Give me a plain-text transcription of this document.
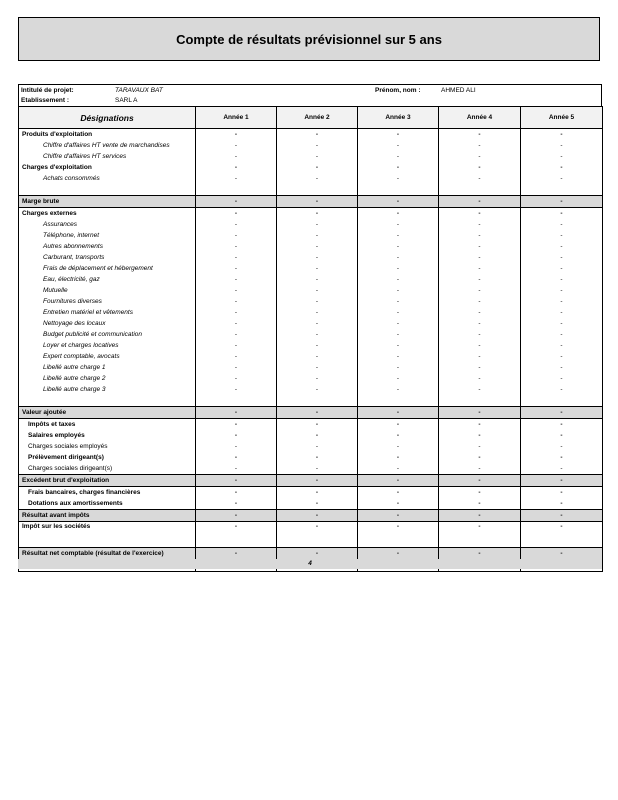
Compte de résultats prévisionnel sur 5 ans
Intitulé de projet:	TARAVAUX BAT	Prénom, nom :	AHMED ALI
Etablissement :	SARL A
Désignations	Année 1	Année 2	Année 3	Année 4	Année 5
Produits d'exploitation	-	-	-	-	-
Chiffre d'affaires HT vente de marchandises	-	-	-	-	-
Chiffre d'affaires HT services	-	-	-	-	-
Charges d'exploitation	-	-	-	-	-
Achats consommés	-	-	-	-	-

Marge brute	-	-	-	-	-
Charges externes	-	-	-	-	-
Assurances	-	-	-	-	-
Téléphone, internet	-	-	-	-	-
Autres abonnements	-	-	-	-	-
Carburant, transports	-	-	-	-	-
Frais de déplacement et hébergement	-	-	-	-	-
Eau, électricité, gaz	-	-	-	-	-
Mutuelle	-	-	-	-	-
Fournitures diverses	-	-	-	-	-
Entretien matériel et vêtements	-	-	-	-	-
Nettoyage des locaux	-	-	-	-	-
Budget publicité et communication	-	-	-	-	-
Loyer et charges locatives	-	-	-	-	-
Expert comptable, avocats	-	-	-	-	-
Libellé autre charge 1	-	-	-	-	-
Libellé autre charge 2	-	-	-	-	-
Libellé autre charge 3	-	-	-	-	-

Valeur ajoutée	-	-	-	-	-
Impôts et taxes	-	-	-	-	-
Salaires employés	-	-	-	-	-
Charges sociales employés	-	-	-	-	-
Prélèvement dirigeant(s)	-	-	-	-	-
Charges sociales dirigeant(s)	-	-	-	-	-
Excédent brut d'exploitation	-	-	-	-	-
Frais bancaires, charges financières	-	-	-	-	-
Dotations aux amortissements	-	-	-	-	-
Résultat avant impôts	-	-	-	-	-
Impôt sur les sociétés	-	-	-	-	-

Résultat net comptable (résultat de l'exercice)	-	-	-	-	-

4
